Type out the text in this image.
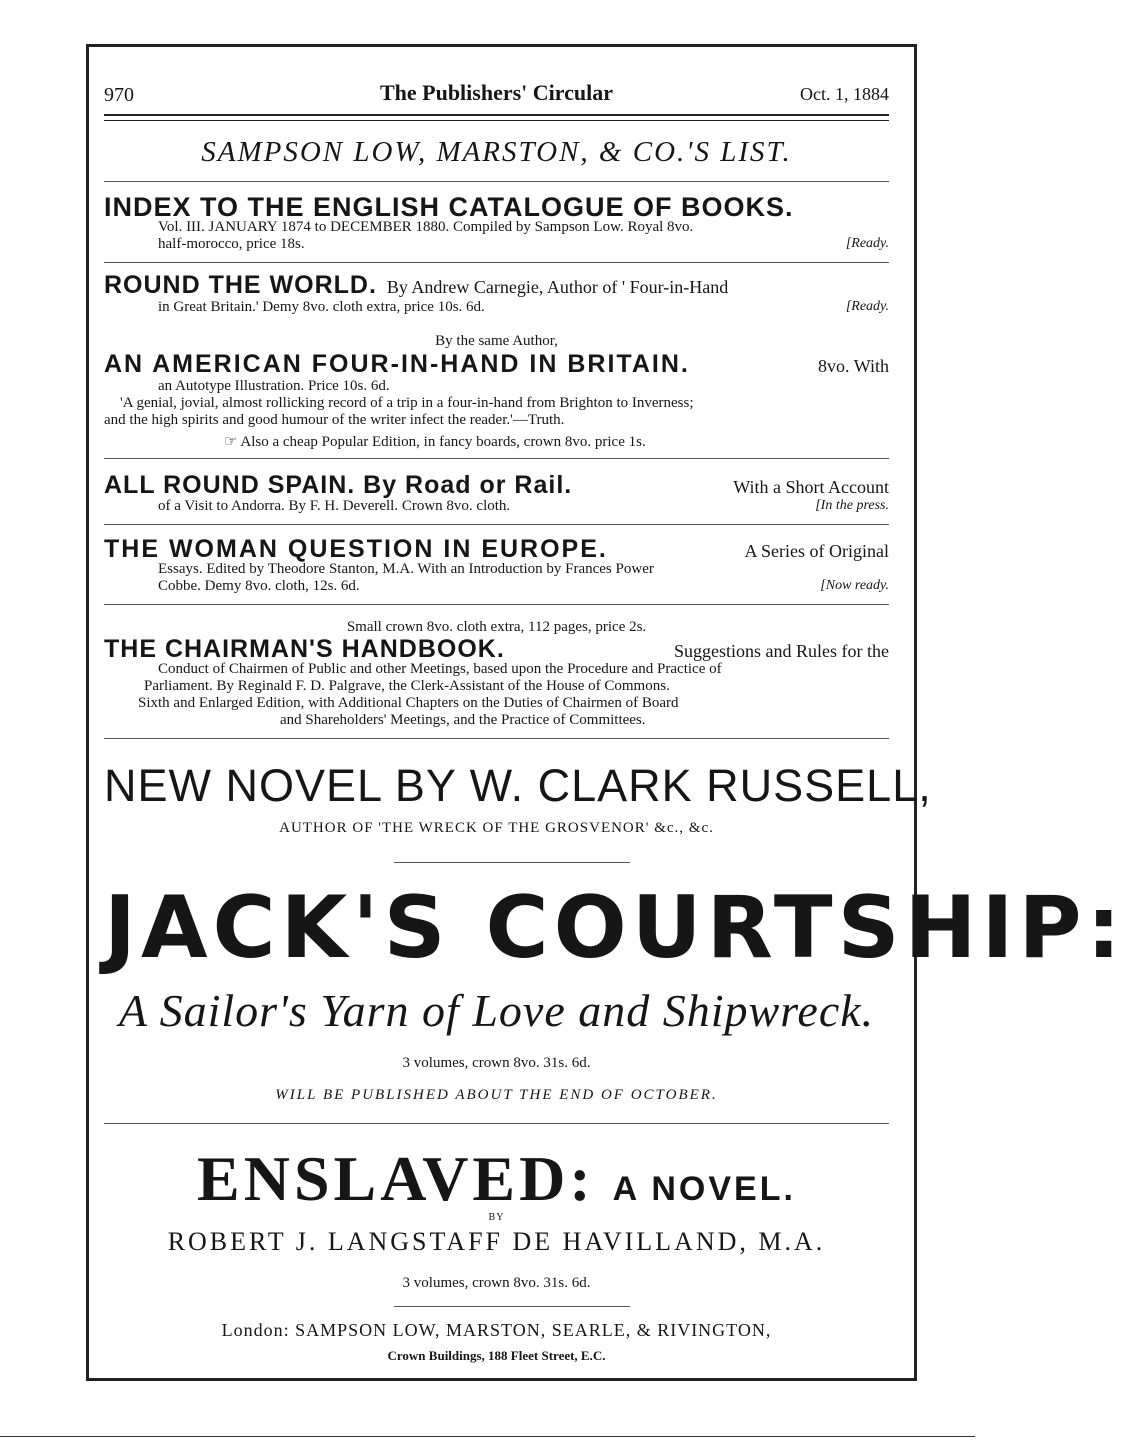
970	The Publishers' Circular	Oct. 1, 1884
SAMPSON LOW, MARSTON, & CO.'S LIST.
INDEX TO THE ENGLISH CATALOGUE OF BOOKS.
Vol. III. JANUARY 1874 to DECEMBER 1880. Compiled by Sampson Low. Royal 8vo.
half-morocco, price 18s.	[Ready.
ROUND THE WORLD. By Andrew Carnegie, Author of ' Four-in-Hand
in Great Britain.' Demy 8vo. cloth extra, price 10s. 6d.	[Ready.
By the same Author,
AN AMERICAN FOUR-IN-HAND IN BRITAIN.	8vo. With
an Autotype Illustration. Price 10s. 6d.
'A genial, jovial, almost rollicking record of a trip in a four-in-hand from Brighton to Inverness;
and the high spirits and good humour of the writer infect the reader.'—Truth.
☞ Also a cheap Popular Edition, in fancy boards, crown 8vo. price 1s.
ALL ROUND SPAIN. By Road or Rail.	With a Short Account
of a Visit to Andorra. By F. H. Deverell. Crown 8vo. cloth.	[In the press.
THE WOMAN QUESTION IN EUROPE.	A Series of Original
Essays. Edited by Theodore Stanton, M.A. With an Introduction by Frances Power
Cobbe. Demy 8vo. cloth, 12s. 6d.	[Now ready.
Small crown 8vo. cloth extra, 112 pages, price 2s.
THE CHAIRMAN'S HANDBOOK.	Suggestions and Rules for the
Conduct of Chairmen of Public and other Meetings, based upon the Procedure and Practice of
Parliament. By Reginald F. D. Palgrave, the Clerk-Assistant of the House of Commons.
Sixth and Enlarged Edition, with Additional Chapters on the Duties of Chairmen of Board
and Shareholders' Meetings, and the Practice of Committees.
NEW NOVEL BY W. CLARK RUSSELL,
AUTHOR OF 'THE WRECK OF THE GROSVENOR' &c., &c.
JACK'S COURTSHIP:
A Sailor's Yarn of Love and Shipwreck.
3 volumes, crown 8vo. 31s. 6d.
WILL BE PUBLISHED ABOUT THE END OF OCTOBER.
ENSLAVED: A NOVEL.
BY
ROBERT J. LANGSTAFF DE HAVILLAND, M.A.
3 volumes, crown 8vo. 31s. 6d.
London: SAMPSON LOW, MARSTON, SEARLE, & RIVINGTON,
Crown Buildings, 188 Fleet Street, E.C.
